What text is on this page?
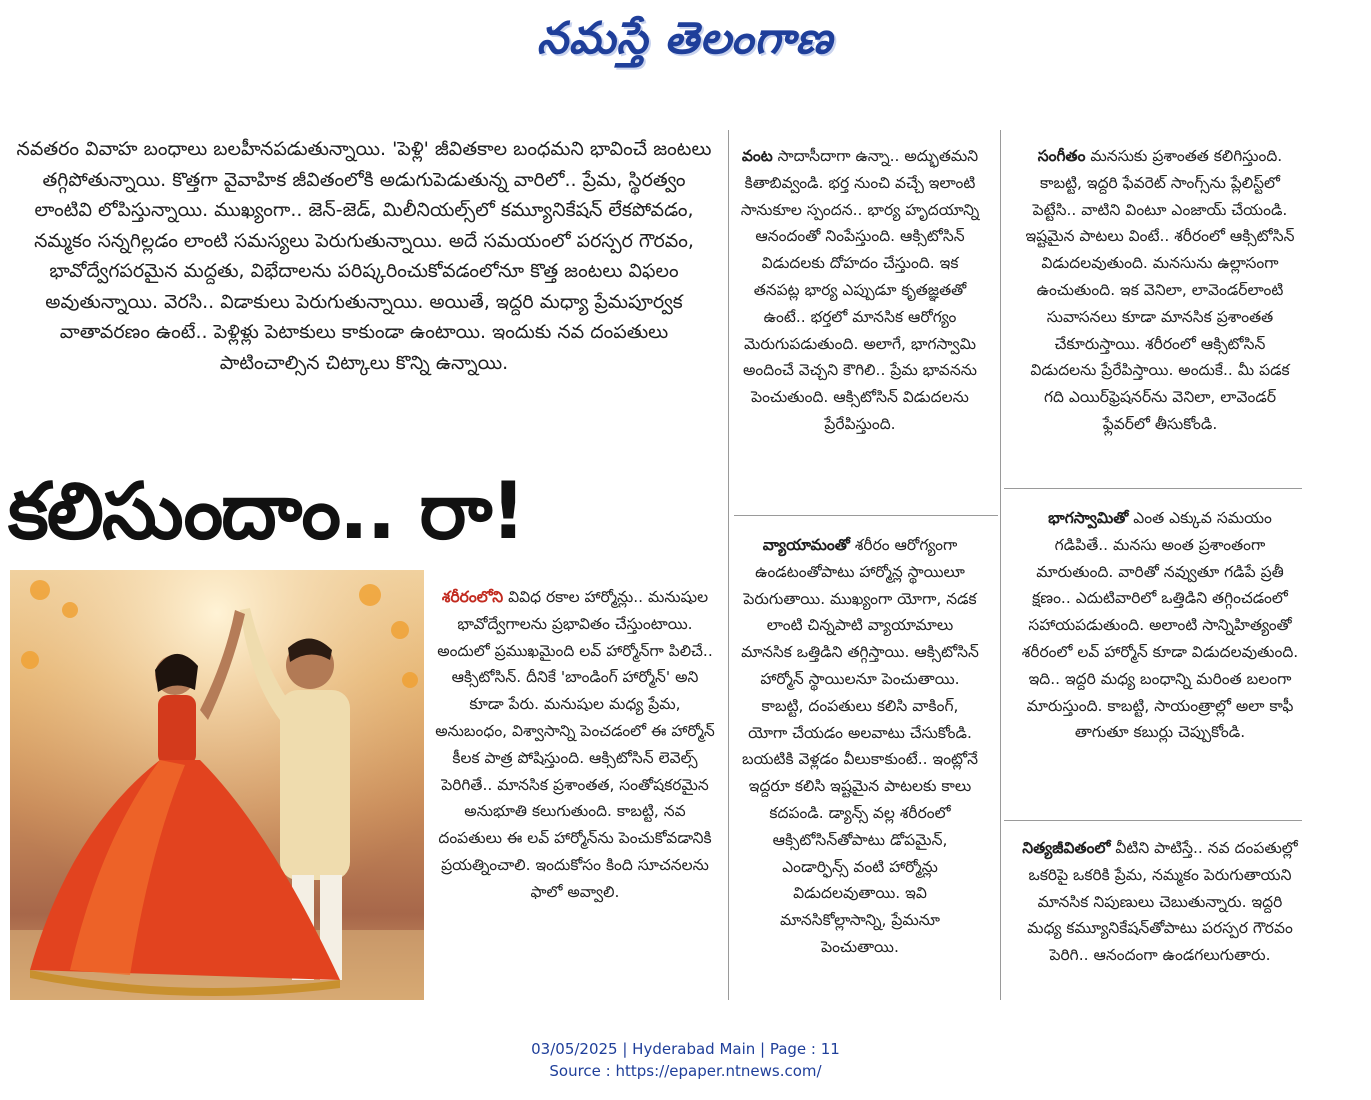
నమస్తే తెలంగాణ
నవతరం వివాహ బంధాలు బలహీనపడుతున్నాయి. 'పెళ్లి' జీవితకాల బంధమని భావించే జంటలు తగ్గిపోతున్నాయి. కొత్తగా వైవాహిక జీవితంలోకి అడుగుపెడుతున్న వారిలో.. ప్రేమ, స్థిరత్వం లాంటివి లోపిస్తున్నాయి. ముఖ్యంగా.. జెన్-జెడ్, మిలీనియల్స్‌లో కమ్యూనికేషన్ లేకపోవడం, నమ్మకం సన్నగిల్లడం లాంటి సమస్యలు పెరుగుతున్నాయి. అదే సమయంలో పరస్పర గౌరవం, భావోద్వేగపరమైన మద్దతు, విభేదాలను పరిష్కరించుకోవడంలోనూ కొత్త జంటలు విఫలం అవుతున్నాయి. వెరసి.. విడాకులు పెరుగుతున్నాయి. అయితే, ఇద్దరి మధ్యా ప్రేమపూర్వక వాతావరణం ఉంటే.. పెళ్లిళ్లు పెటాకులు కాకుండా ఉంటాయి. ఇందుకు నవ దంపతులు పాటించాల్సిన చిట్కాలు కొన్ని ఉన్నాయి.
కలిసుందాం.. రా!

శరీరంలోని వివిధ రకాల హార్మోన్లు.. మనుషుల భావోద్వేగాలను ప్రభావితం చేస్తుంటాయి. అందులో ప్రముఖమైంది లవ్ హార్మోన్‌గా పిలిచే.. ఆక్సిటోసిన్. దీనికే 'బాండింగ్ హార్మోన్' అని కూడా పేరు. మనుషుల మధ్య ప్రేమ, అనుబంధం, విశ్వాసాన్ని పెంచడంలో ఈ హార్మోన్ కీలక పాత్ర పోషిస్తుంది. ఆక్సిటోసిన్ లెవెల్స్ పెరిగితే.. మానసిక ప్రశాంతత, సంతోషకరమైన అనుభూతి కలుగుతుంది. కాబట్టి, నవ దంపతులు ఈ లవ్ హార్మోన్‌ను పెంచుకోవడానికి ప్రయత్నించాలి. ఇందుకోసం కింది సూచనలను ఫాలో అవ్వాలి.

వంట సాదాసీదాగా ఉన్నా.. అద్భుతమని కితాబివ్వండి. భర్త నుంచి వచ్చే ఇలాంటి సానుకూల స్పందన.. భార్య హృదయాన్ని ఆనందంతో నింపేస్తుంది. ఆక్సిటోసిన్ విడుదలకు దోహదం చేస్తుంది. ఇక తనపట్ల భార్య ఎప్పుడూ కృతజ్ఞతతో ఉంటే.. భర్తలో మానసిక ఆరోగ్యం మెరుగుపడుతుంది. అలాగే, భాగస్వామి అందించే వెచ్చని కౌగిలి.. ప్రేమ భావనను పెంచుతుంది. ఆక్సిటోసిన్ విడుదలను ప్రేరేపిస్తుంది.

వ్యాయామంతో శరీరం ఆరోగ్యంగా ఉండటంతోపాటు హార్మోన్ల స్థాయిలూ పెరుగుతాయి. ముఖ్యంగా యోగా, నడక లాంటి చిన్నపాటి వ్యాయామాలు మానసిక ఒత్తిడిని తగ్గిస్తాయి. ఆక్సిటోసిన్ హార్మోన్ స్థాయిలనూ పెంచుతాయి. కాబట్టి, దంపతులు కలిసి వాకింగ్, యోగా చేయడం అలవాటు చేసుకోండి. బయటికి వెళ్లడం వీలుకాకుంటే.. ఇంట్లోనే ఇద్దరూ కలిసి ఇష్టమైన పాటలకు కాలు కదపండి. డ్యాన్స్ వల్ల శరీరంలో ఆక్సిటోసిన్‌తోపాటు డోపమైన్, ఎండార్ఫిన్స్ వంటి హార్మోన్లు విడుదలవుతాయి. ఇవి మానసికోల్లాసాన్ని, ప్రేమనూ పెంచుతాయి.

సంగీతం మనసుకు ప్రశాంతత కలిగిస్తుంది. కాబట్టి, ఇద్దరి ఫేవరెట్ సాంగ్స్‌ను ప్లేలిస్ట్‌లో పెట్టేసి.. వాటిని వింటూ ఎంజాయ్ చేయండి. ఇష్టమైన పాటలు వింటే.. శరీరంలో ఆక్సిటోసిన్ విడుదలవుతుంది. మనసును ఉల్లాసంగా ఉంచుతుంది. ఇక వెనిలా, లావెండర్‌లాంటి సువాసనలు కూడా మానసిక ప్రశాంతత చేకూరుస్తాయి. శరీరంలో ఆక్సిటోసిన్ విడుదలను ప్రేరేపిస్తాయి. అందుకే.. మీ పడక గది ఎయిర్‌ఫ్రెషనర్‌ను వెనిలా, లావెండర్ ఫ్లేవర్‌లో తీసుకోండి.

భాగస్వామితో ఎంత ఎక్కువ సమయం గడిపితే.. మనసు అంత ప్రశాంతంగా మారుతుంది. వారితో నవ్వుతూ గడిపే ప్రతీ క్షణం.. ఎదుటివారిలో ఒత్తిడిని తగ్గించడంలో సహాయపడుతుంది. అలాంటి సాన్నిహిత్యంతో శరీరంలో లవ్ హార్మోన్ కూడా విడుదలవుతుంది. ఇది.. ఇద్దరి మధ్య బంధాన్ని మరింత బలంగా మారుస్తుంది. కాబట్టి, సాయంత్రాల్లో అలా కాఫీ తాగుతూ కబుర్లు చెప్పుకోండి.

నిత్యజీవితంలో వీటిని పాటిస్తే.. నవ దంపతుల్లో ఒకరిపై ఒకరికి ప్రేమ, నమ్మకం పెరుగుతాయని మానసిక నిపుణులు చెబుతున్నారు. ఇద్దరి మధ్య కమ్యూనికేషన్‌తోపాటు పరస్పర గౌరవం పెరిగి.. ఆనందంగా ఉండగలుగుతారు.

03/05/2025 | Hyderabad Main | Page : 11
Source : https://epaper.ntnews.com/
